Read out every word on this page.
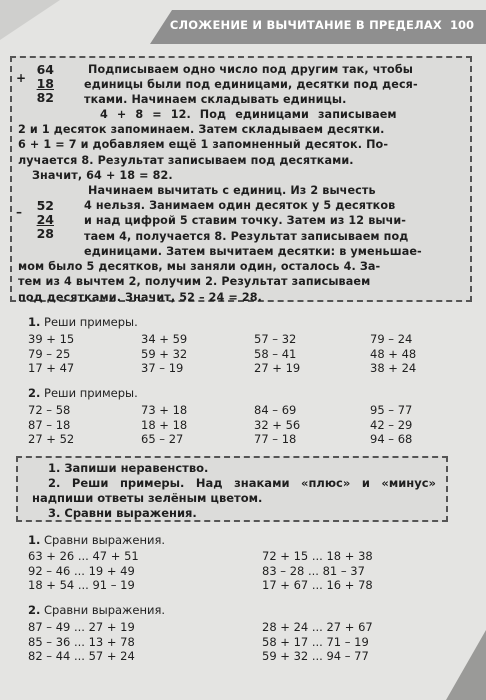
СЛОЖЕНИЕ И ВЫЧИТАНИЕ В ПРЕДЕЛАХ 100
+
64
18
82
Подписываем одно число под другим так, чтобы
единицы были под единицами, десятки под деся-
тками. Начинаем складывать единицы.
4 + 8 = 12. Под единицами записываем
2 и 1 десяток запоминаем. Затем складываем десятки.
6 + 1 = 7 и добавляем ещё 1 запомненный десяток. По-
лучается 8. Результат записываем под десятками.
Значит, 64 + 18 = 82.
–	52
24
28
Начинаем вычитать с единиц. Из 2 вычесть
4 нельзя. Занимаем один десяток у 5 десятков
и над цифрой 5 ставим точку. Затем из 12 вычи-
таем 4, получается 8. Результат записываем под
единицами. Затем вычитаем десятки: в уменьшае-
мом было 5 десятков, мы заняли один, осталось 4. За-
тем из 4 вычтем 2, получим 2. Результат записываем
под десятками. Значит, 52 – 24 = 28.
1. Реши примеры.
39 + 15
79 – 25
17 + 47
34 + 59
59 + 32
37 – 19
57 – 32
58 – 41
27 + 19
79 – 24
48 + 48
38 + 24
2. Реши примеры.
72 – 58
87 – 18
27 + 52
73 + 18
18 + 18
65 – 27
84 – 69
32 + 56
77 – 18
95 – 77
42 – 29
94 – 68
1. Запиши неравенство.
2. Реши примеры. Над знаками «плюс» и «минус»
надпиши ответы зелёным цветом.
3. Сравни выражения.
1. Сравни выражения.
63 + 26 ... 47 + 51
92 – 46 ... 19 + 49
18 + 54 ... 91 – 19
72 + 15 ... 18 + 38
83 – 28 ... 81 – 37
17 + 67 ... 16 + 78
2. Сравни выражения.
87 – 49 ... 27 + 19
85 – 36 ... 13 + 78
82 – 44 ... 57 + 24
28 + 24 ... 27 + 67
58 + 17 ... 71 – 19
59 + 32 ... 94 – 77
